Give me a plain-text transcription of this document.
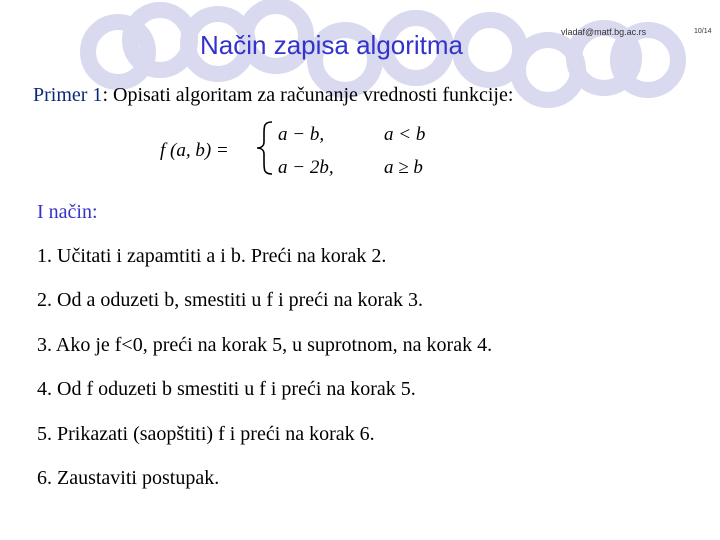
Način zapisa algoritma	vladaf@matf.bg.ac.rs	10/14
Primer 1: Opisati algoritam za računanje vrednosti funkcije:
f (a, b) =
a − b,	a < b
a − 2b,	a ≥ b
I način:
1. Učitati i zapamtiti a i b. Preći na korak 2.
2. Od a oduzeti b, smestiti u f i preći na korak 3.
3. Ako je f<0, preći na korak 5, u suprotnom, na korak 4.
4. Od f oduzeti b smestiti u f i preći na korak 5.
5. Prikazati (saopštiti) f i preći na korak 6.
6. Zaustaviti postupak.
